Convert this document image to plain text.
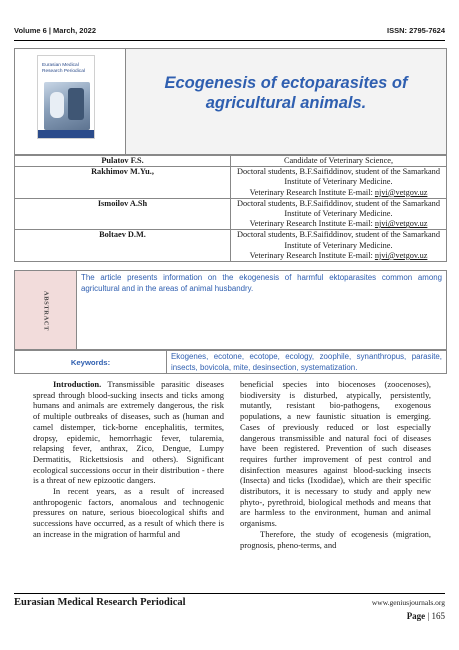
Volume 6 | March, 2022	ISSN: 2795-7624
Eurasian Medical
Research Periodical
Ecogenesis of ectoparasites of agricultural animals.
Pulatov F.S.	Candidate of Veterinary Science,

Rakhimov M.Yu.,	Doctoral students, B.F.Saifiddinov, student of the Samarkand Institute of Veterinary Medicine.
Veterinary Research Institute E-mail: njvi@vetgov.uz

Ismoilov A.Sh	Doctoral students, B.F.Saifiddinov, student of the Samarkand Institute of Veterinary Medicine.
Veterinary Research Institute E-mail: njvi@vetgov.uz

Boltaev D.M.	Doctoral students, B.F.Saifiddinov, student of the Samarkand Institute of Veterinary Medicine.
Veterinary Research Institute E-mail: njvi@vetgov.uz
ABSTRACT
The article presents information on the ekogenesis of harmful ektoparasites common among agricultural and in the areas of animal husbandry.
Keywords:
Ekogenes, ecotone, ecotope, ecology, zoophile, synanthropus, parasite, insects, bovicola, mite, desinsection, systematization.

Introduction. Transmissible parasitic diseases spread through blood-sucking insects and ticks among humans and animals are extremely dangerous, the risk of multiple outbreaks of diseases, such as (human and camel distemper, tick-borne encephalitis, termites, dropsy, epidemic, hemorrhagic fever, tularemia, relapsing fever, anthrax, Zico, Dengue, Lumpy Dermatitis, Rickettsiosis and others). Significant ecological successions occur in their distribution - there is a threat of new epizootic dangers.

In recent years, as a result of increased anthropogenic factors, anomalous and technogenic pressures on nature, serious bioecological shifts and successions have occurred, as a result of which there is an increase in the migration of harmful and

beneficial species into biocenoses (zoocenoses), biodiversity is disturbed, atypically, persistently, mutantly, resistant bio-pathogens, exogenous populations, a new faunistic situation is emerging. Cases of previously reduced or lost especially dangerous transmissible and natural foci of diseases have been registered. Prevention of such diseases requires further improvement of pest control and disinfection measures against blood-sucking insects (Insecta) and ticks (Ixodidae), which are their specific distributors, it is necessary to study and apply new phyto-, pyrethroid, biological methods and means that are harmless to the environment, human and animal organisms.

Therefore, the study of ecogenesis (migration, prognosis, pheno-terms, and

Eurasian Medical Research Periodical	www.geniusjournals.org
Page | 165
